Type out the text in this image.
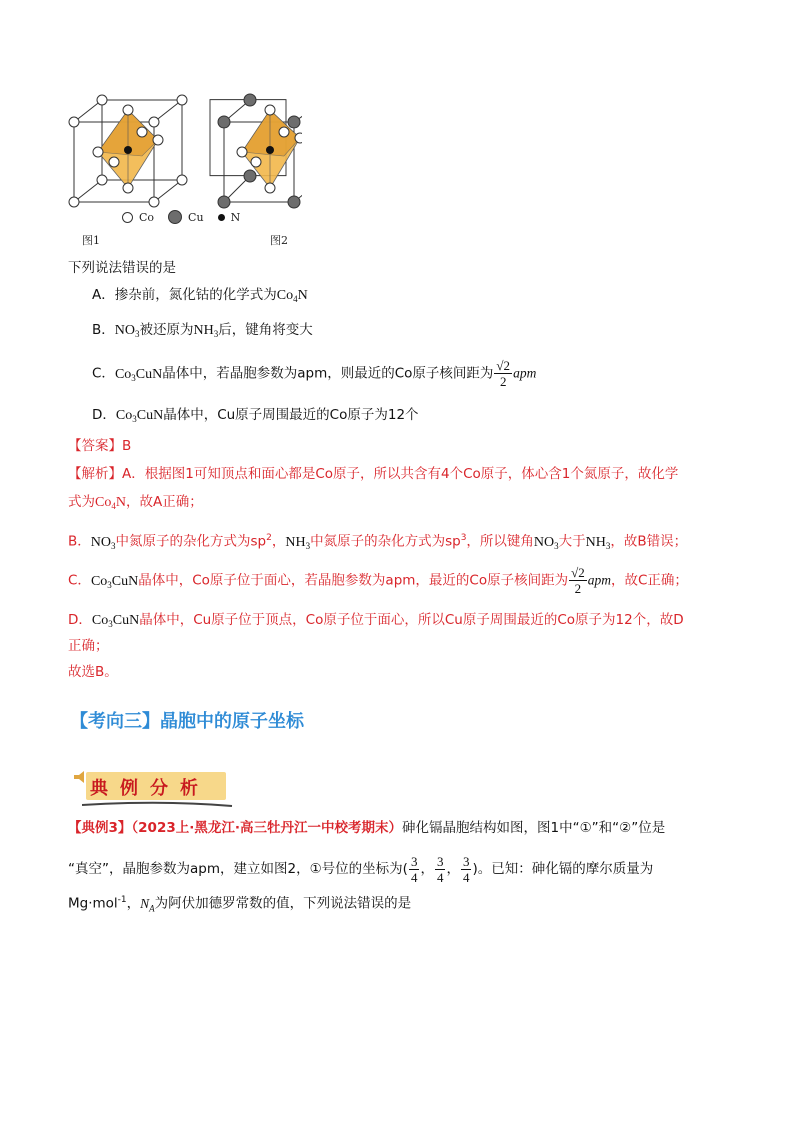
Co	Cu N
图1	图2
下列说法错误的是
A．掺杂前，氮化钴的化学式为$Co_4N$
B．$NO_3$被还原为$NH_3$后，键角将变大
C．$Co_3CuN$晶体中，若晶胞参数为apm，则最近的Co原子核间距为 $\frac{√2}{2}$ apm
D．$Co_3CuN$晶体中，Cu原子周围最近的Co原子为12个
【答案】B
【解析】A．根据图1可知顶点和面心都是Co原子，所以共含有4个Co原子，体心含1个氮原子，故化学
式为$Co_4N$，故A正确；
B．$NO_3$中氮原子的杂化方式为$sp^2$，$NH_3$中氮原子的杂化方式为$sp^3$，所以键角$NO_3$大于$NH_3$，故B错误；
C．$Co_3CuN$晶体中，Co原子位于面心，若晶胞参数为apm，最近的Co原子核间距为 $\frac{√2}{2}$ apm，故C正确；
D．$Co_3CuN$晶体中，Cu原子位于顶点，Co原子位于面心，所以Cu原子周围最近的Co原子为12个，故D
正确；
故选B。
【考向三】晶胞中的原子坐标
典例分析
【典例3】（2023上·黑龙江·高三牡丹江一中校考期末）砷化镉晶胞结构如图，图1中“①”和“②”位是
“真空”，晶胞参数为apm，建立如图2，①号位的坐标为( $\frac{3}{4}$ ， $\frac{3}{4}$ ， $\frac{3}{4}$ )。已知：砷化镉的摩尔质量为
Mg·mol$^{-1}$，$N_A$为阿伏加德罗常数的值，下列说法错误的是
